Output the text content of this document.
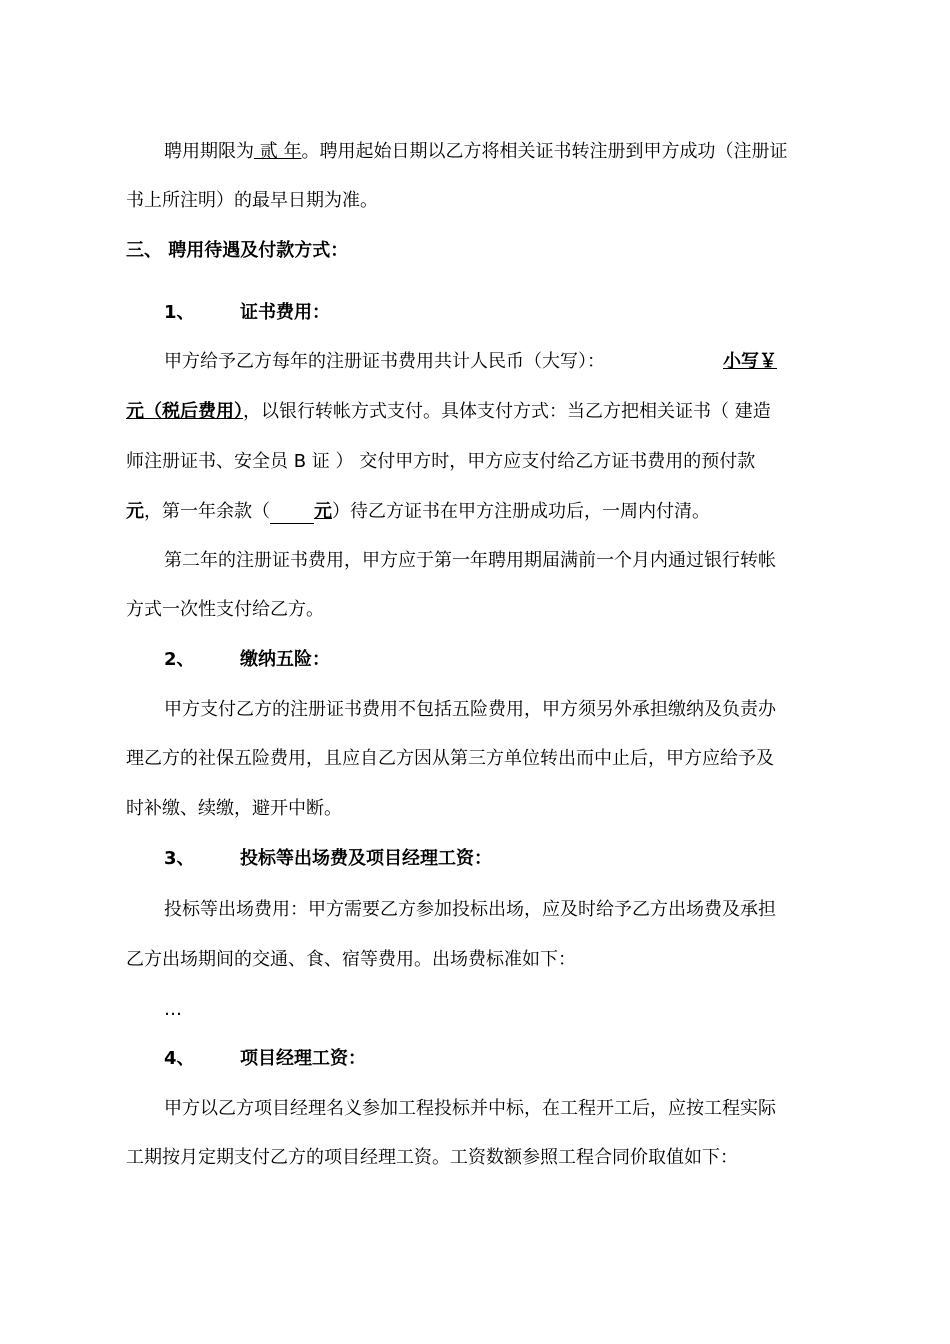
聘用期限为 贰 年。聘用起始日期以乙方将相关证书转注册到甲方成功（注册证
书上所注明）的最早日期为准。
三、 聘用待遇及付款方式：
1、	证书费用：
甲方给予乙方每年的注册证书费用共计人民币（大写）：	小写￥
元（税后费用），以银行转帐方式支付。具体支付方式：当乙方把相关证书（ 建造
师注册证书、安全员 B 证 ） 交付甲方时，甲方应支付给乙方证书费用的预付款
元，第一年余款（ 元）待乙方证书在甲方注册成功后，一周内付清。
第二年的注册证书费用，甲方应于第一年聘用期届满前一个月内通过银行转帐
方式一次性支付给乙方。
2、	缴纳五险：
甲方支付乙方的注册证书费用不包括五险费用，甲方须另外承担缴纳及负责办
理乙方的社保五险费用，且应自乙方因从第三方单位转出而中止后，甲方应给予及
时补缴、续缴，避开中断。
3、	投标等出场费及项目经理工资：
投标等出场费用：甲方需要乙方参加投标出场，应及时给予乙方出场费及承担
乙方出场期间的交通、食、宿等费用。出场费标准如下：
…
4、	项目经理工资：
甲方以乙方项目经理名义参加工程投标并中标，在工程开工后，应按工程实际
工期按月定期支付乙方的项目经理工资。工资数额参照工程合同价取值如下：
